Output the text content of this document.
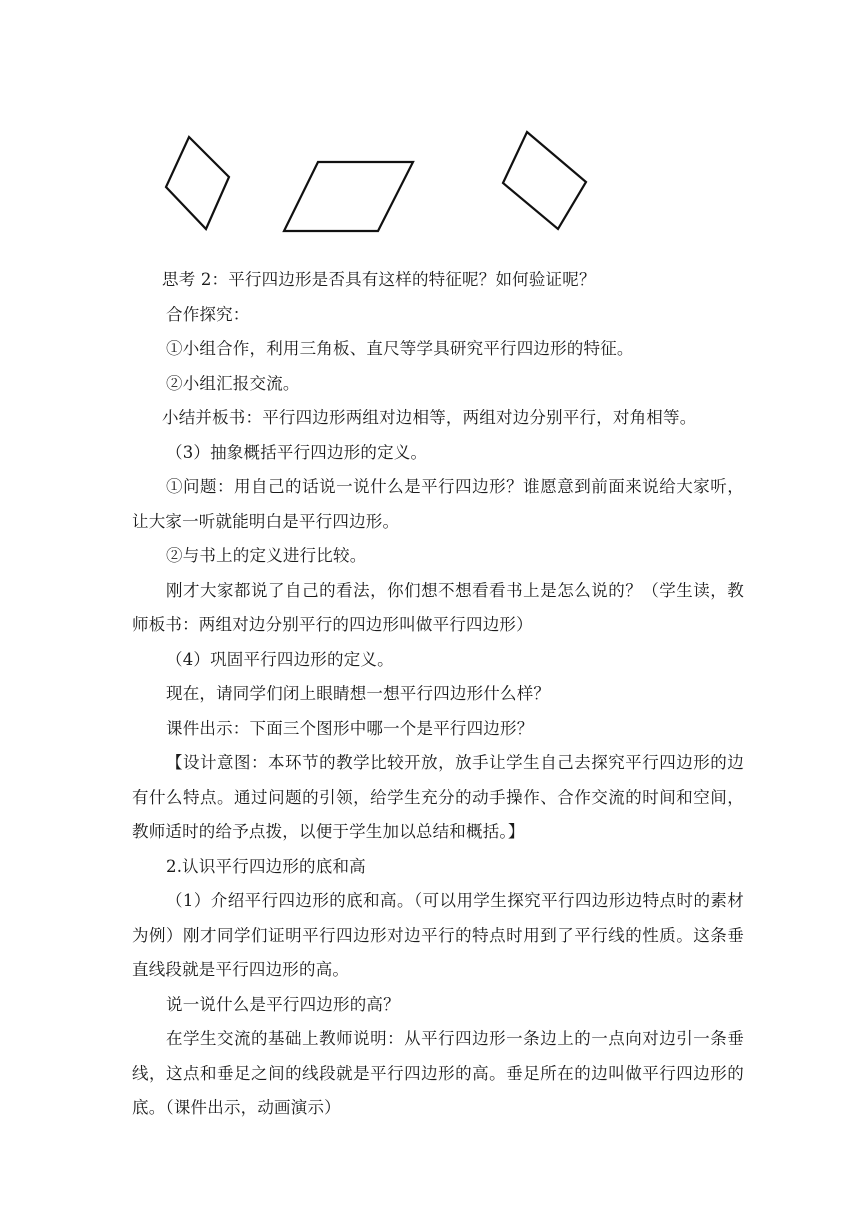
思考 2：平行四边形是否具有这样的特征呢？如何验证呢？

合作探究：

①小组合作，利用三角板、直尺等学具研究平行四边形的特征。

②小组汇报交流。

小结并板书：平行四边形两组对边相等，两组对边分别平行，对角相等。

（3）抽象概括平行四边形的定义。

①问题：用自己的话说一说什么是平行四边形？谁愿意到前面来说给大家听，让大家一听就能明白是平行四边形。

②与书上的定义进行比较。

刚才大家都说了自己的看法，你们想不想看看书上是怎么说的？（学生读，教师板书：两组对边分别平行的四边形叫做平行四边形）

（4）巩固平行四边形的定义。

现在，请同学们闭上眼睛想一想平行四边形什么样？

课件出示：下面三个图形中哪一个是平行四边形？

【设计意图：本环节的教学比较开放，放手让学生自己去探究平行四边形的边有什么特点。通过问题的引领，给学生充分的动手操作、合作交流的时间和空间，教师适时的给予点拨，以便于学生加以总结和概括。】

2.认识平行四边形的底和高

（1）介绍平行四边形的底和高。（可以用学生探究平行四边形边特点时的素材为例）刚才同学们证明平行四边形对边平行的特点时用到了平行线的性质。这条垂直线段就是平行四边形的高。

说一说什么是平行四边形的高？

在学生交流的基础上教师说明：从平行四边形一条边上的一点向对边引一条垂线，这点和垂足之间的线段就是平行四边形的高。垂足所在的边叫做平行四边形的底。（课件出示，动画演示）
